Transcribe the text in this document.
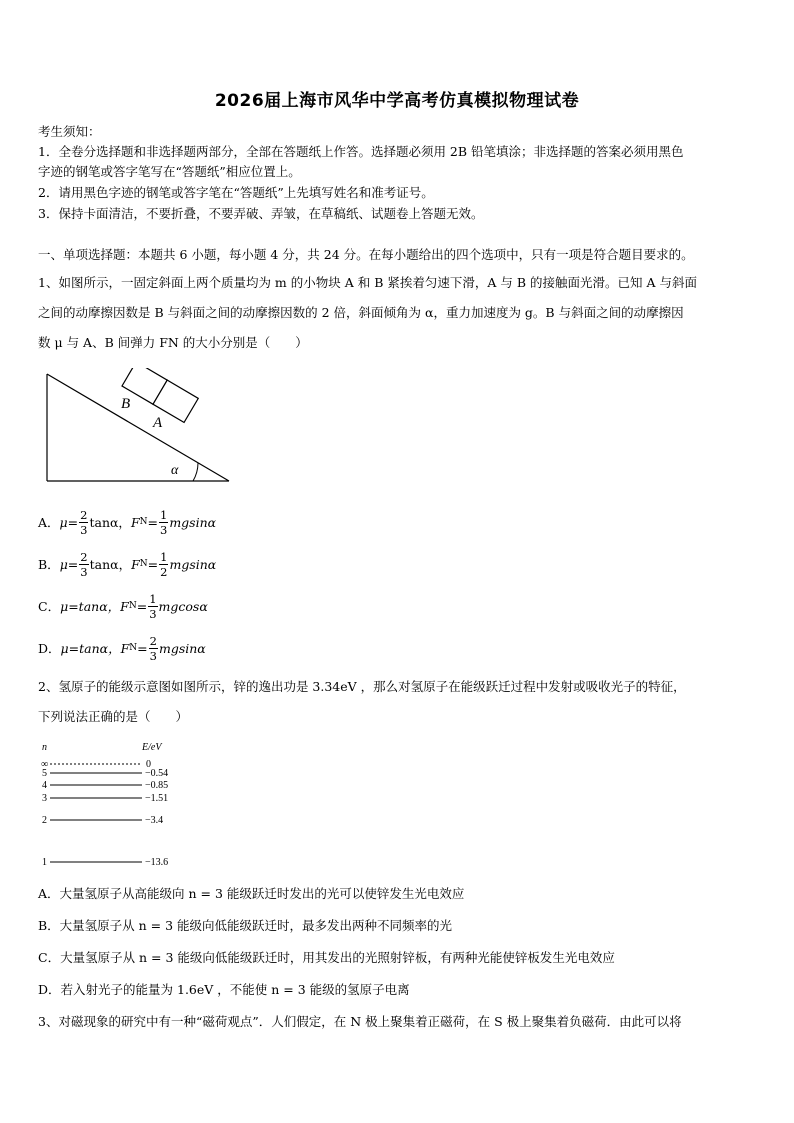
2026届上海市风华中学高考仿真模拟物理试卷
考生须知：
1．全卷分选择题和非选择题两部分，全部在答题纸上作答。选择题必须用 2B 铅笔填涂；非选择题的答案必须用黑色
字迹的钢笔或答字笔写在“答题纸”相应位置上。
2．请用黑色字迹的钢笔或答字笔在“答题纸”上先填写姓名和准考证号。
3．保持卡面清洁，不要折叠，不要弄破、弄皱，在草稿纸、试题卷上答题无效。
一、单项选择题：本题共 6 小题，每小题 4 分，共 24 分。在每小题给出的四个选项中，只有一项是符合题目要求的。
1、如图所示，一固定斜面上两个质量均为 m 的小物块 A 和 B 紧挨着匀速下滑，A 与 B 的接触面光滑。已知 A 与斜面
之间的动摩擦因数是 B 与斜面之间的动摩擦因数的 2 倍，斜面倾角为 α，重力加速度为 g。B 与斜面之间的动摩擦因
数 μ 与 A、B 间弹力 FN 的大小分别是（　　）
B
A
α
A． $\mu= \frac{2}{3}$ tanα， F $N = \frac{1}{3}$ mgsinα
B． $\mu= \frac{2}{3}$ tanα， F $N = \frac{1}{2}$ mgsinα
C． μ=tanα， F $N = \frac{1}{3}$ mgcosα
D． μ=tanα， F $N = \frac{2}{3}$ mgsinα
2、氢原子的能级示意图如图所示，锌的逸出功是 3.34eV ，那么对氢原子在能级跃迁过程中发射或吸收光子的特征，
下列说法正确的是（　　）
n	E/eV
∞	0
5	−0.54
4	−0.85
3	−1.51
2	−3.4
1	−13.6
A．大量氢原子从高能级向 n = 3 能级跃迁时发出的光可以使锌发生光电效应
B．大量氢原子从 n = 3 能级向低能级跃迁时，最多发出两种不同频率的光
C．大量氢原子从 n = 3 能级向低能级跃迁时，用其发出的光照射锌板，有两种光能使锌板发生光电效应
D．若入射光子的能量为 1.6eV ，不能使 n = 3 能级的氢原子电离
3、对磁现象的研究中有一种“磁荷观点”．人们假定，在 N 极上聚集着正磁荷，在 S 极上聚集着负磁荷．由此可以将
